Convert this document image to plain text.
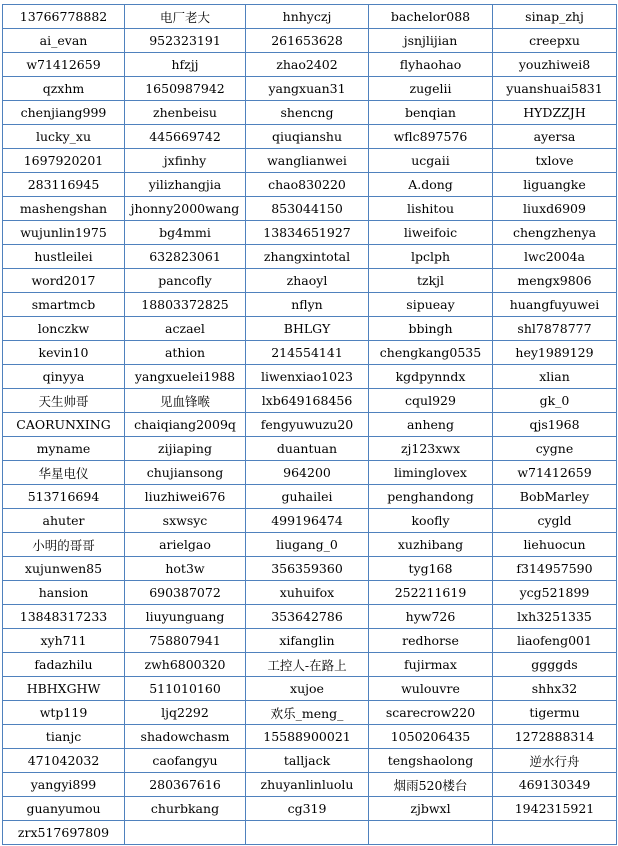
13766778882	电厂老大	hnhyczj	bachelor088	sinap_zhj
ai_evan	952323191	261653628	jsnjlijian	creepxu
w71412659	hfzjj	zhao2402	flyhaohao	youzhiwei8
qzxhm	1650987942	yangxuan31	zugelii	yuanshuai5831
chenjiang999	zhenbeisu	shencng	benqian	HYDZZJH
lucky_xu	445669742	qiuqianshu	wflc897576	ayersa
1697920201	jxfinhy	wanglianwei	ucgaii	txlove
283116945	yilizhangjia	chao830220	A.dong	liguangke
mashengshan	jhonny2000wang	853044150	lishitou	liuxd6909
wujunlin1975	bg4mmi	13834651927	liweifoic	chengzhenya
hustleilei	632823061	zhangxintotal	lpclph	lwc2004a
word2017	pancofly	zhaoyl	tzkjl	mengx9806
smartmcb	18803372825	nflyn	sipueay	huangfuyuwei
lonczkw	aczael	BHLGY	bbingh	shl7878777
kevin10	athion	214554141	chengkang0535	hey1989129
qinyya	yangxuelei1988	liwenxiao1023	kgdpynndx	xlian
天生帅哥	见血锋喉	lxb649168456	cqul929	gk_0
CAORUNXING	chaiqiang2009q	fengyuwuzu20	anheng	qjs1968
myname	zijiaping	duantuan	zj123xwx	cygne
华星电仪	chujiansong	964200	liminglovex	w71412659
513716694	liuzhiwei676	guhailei	penghandong	BobMarley
ahuter	sxwsyc	499196474	koofly	cygld
小明的哥哥	arielgao	liugang_0	xuzhibang	liehuocun
xujunwen85	hot3w	356359360	tyg168	f314957590
hansion	690387072	xuhuifox	252211619	ycg521899
13848317233	liuyunguang	353642786	hyw726	lxh3251335
xyh711	758807941	xifanglin	redhorse	liaofeng001
fadazhilu	zwh6800320	工控人-在路上	fujirmax	ggggds
HBHXGHW	511010160	xujoe	wulouvre	shhx32
wtp119	ljq2292	欢乐_meng_	scarecrow220	tigermu
tianjc	shadowchasm	15588900021	1050206435	1272888314
471042032	caofangyu	talljack	tengshaolong	逆水行舟
yangyi899	280367616	zhuyanlinluolu	烟雨520楼台	469130349
guanyumou	churbkang	cg319	zjbwxl	1942315921
zrx517697809				
